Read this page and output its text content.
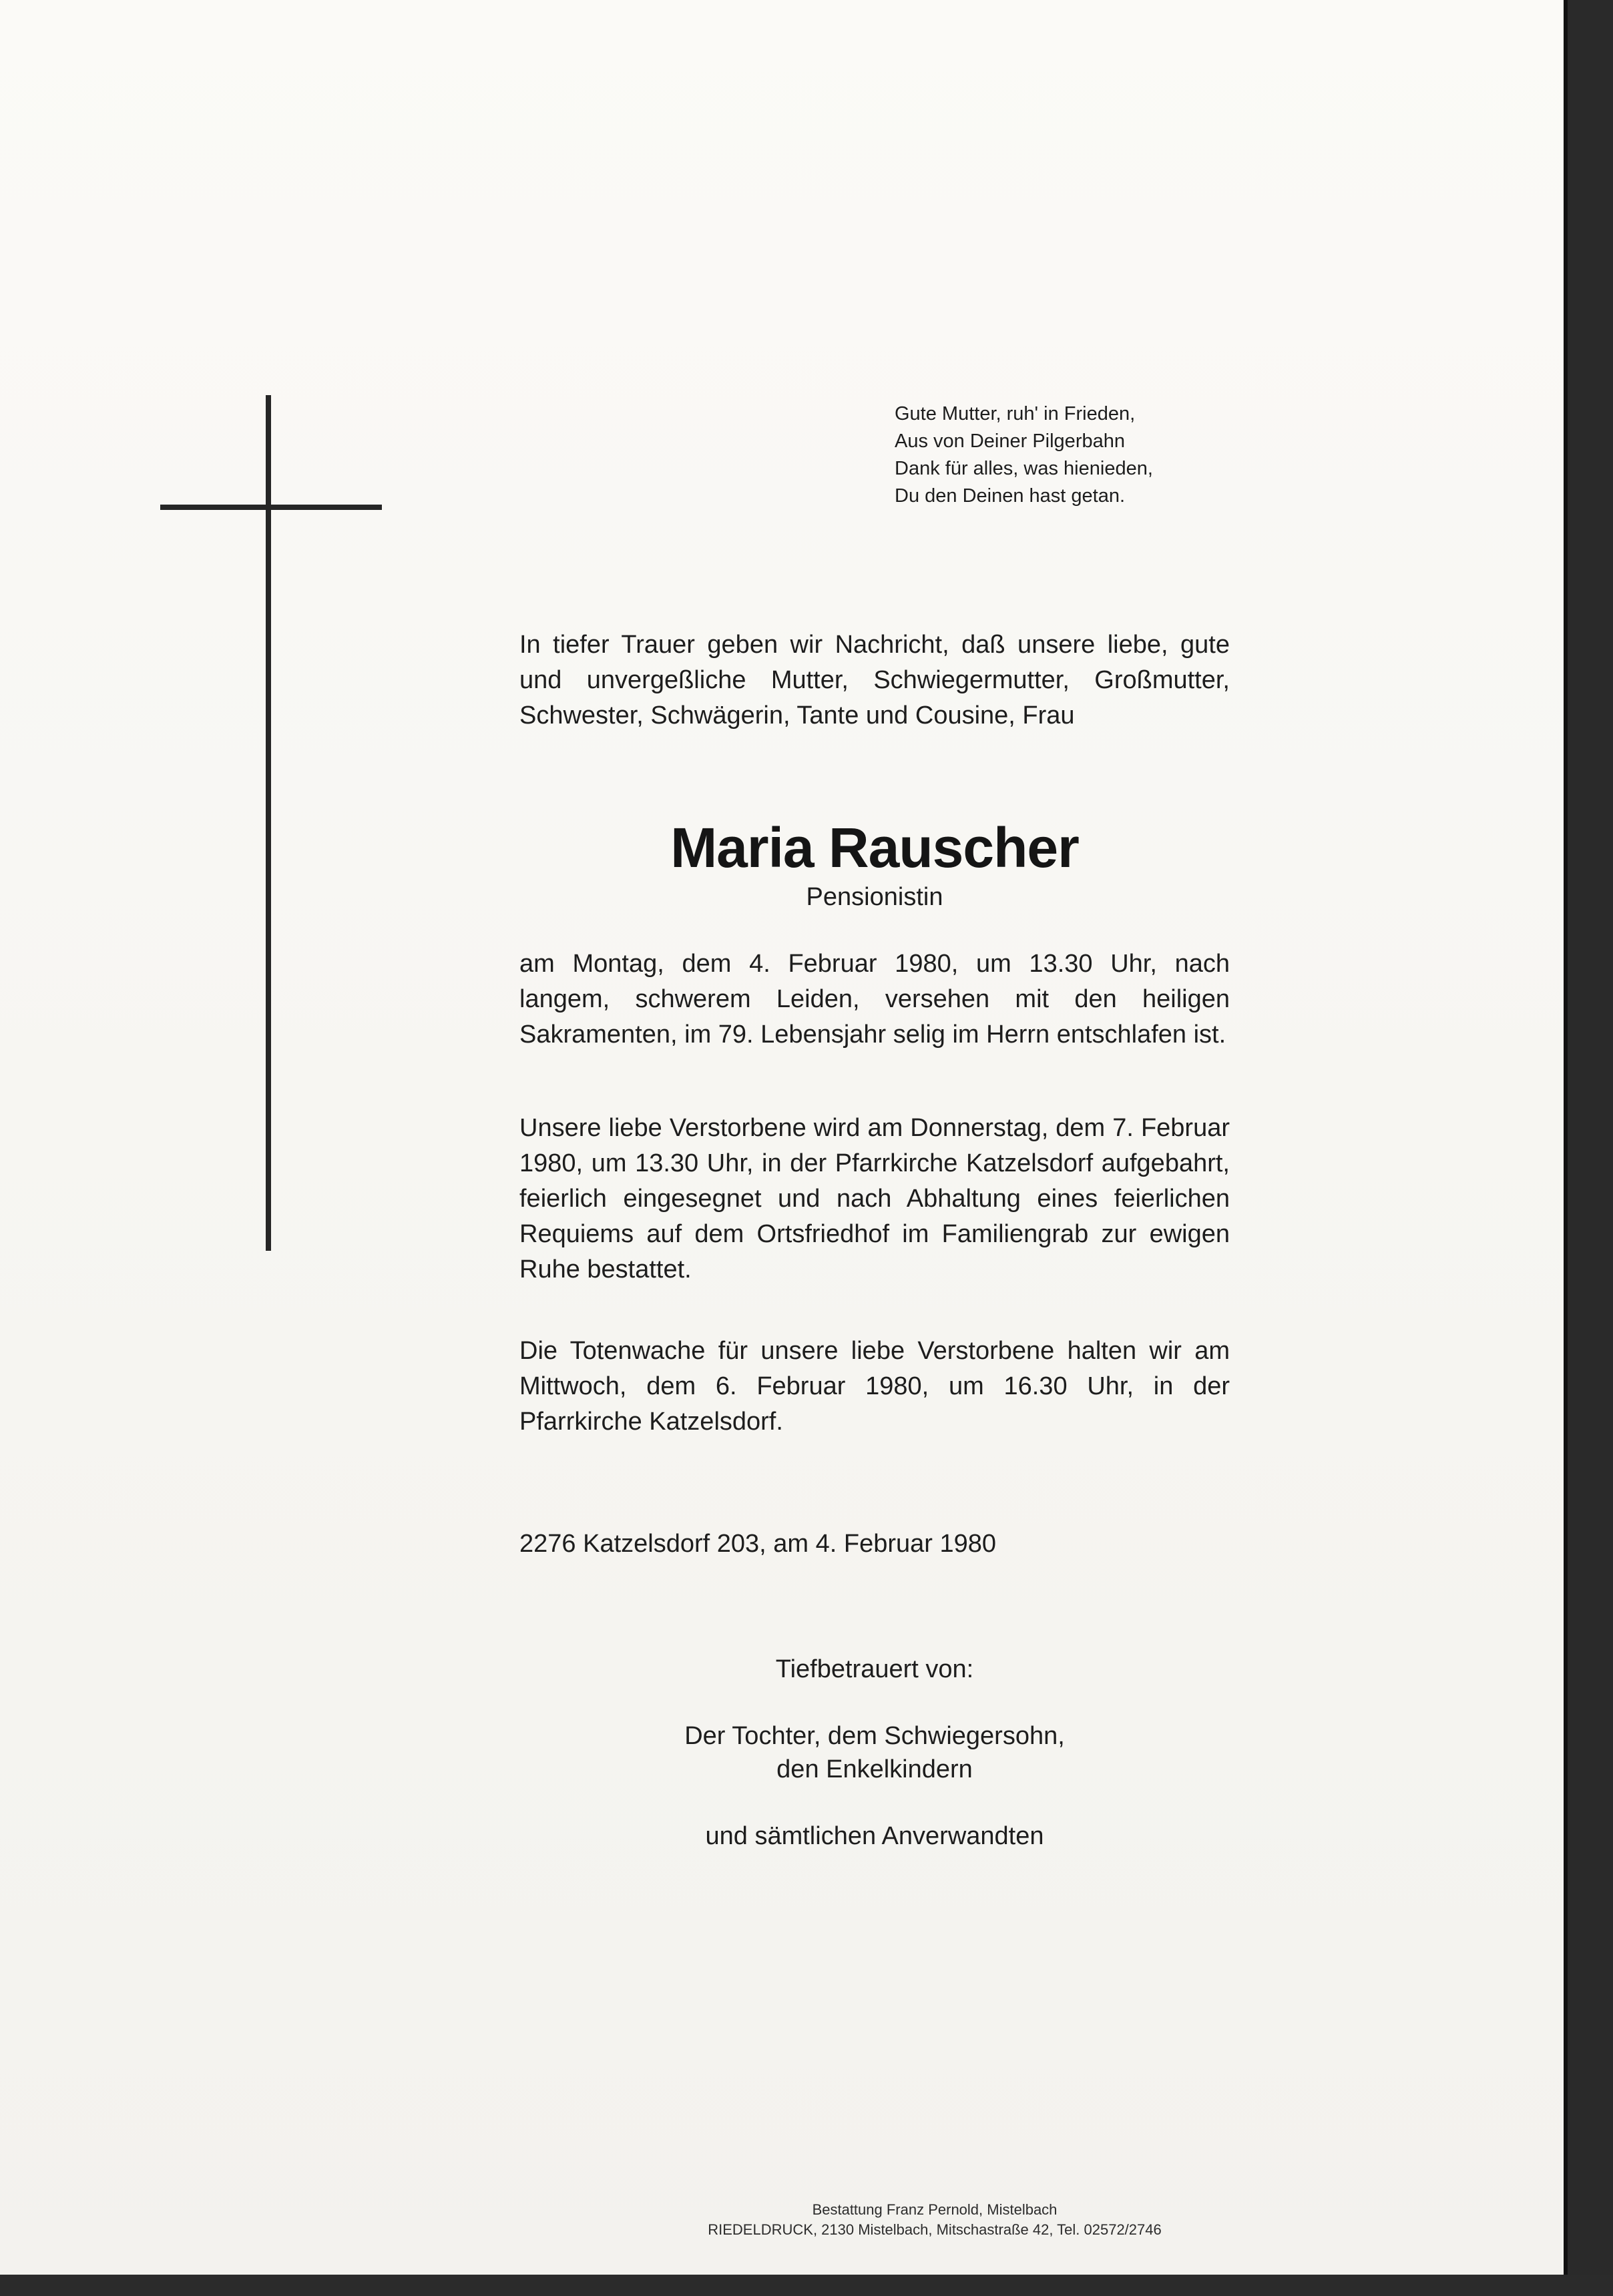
Gute Mutter, ruh' in Frieden,
Aus von Deiner Pilgerbahn
Dank für alles, was hienieden,
Du den Deinen hast getan.
In tiefer Trauer geben wir Nachricht, daß unsere liebe, gute und unvergeßliche Mutter, Schwiegermutter, Großmutter, Schwester, Schwägerin, Tante und Cousine, Frau
Maria Rauscher
Pensionistin
am Montag, dem 4. Februar 1980, um 13.30 Uhr, nach langem, schwerem Leiden, versehen mit den heiligen Sakramenten, im 79. Lebensjahr selig im Herrn entschlafen ist.
Unsere liebe Verstorbene wird am Donnerstag, dem 7. Februar 1980, um 13.30 Uhr, in der Pfarrkirche Katzelsdorf aufgebahrt, feierlich eingesegnet und nach Abhaltung eines feierlichen Requiems auf dem Ortsfriedhof im Familiengrab zur ewigen Ruhe bestattet.
Die Totenwache für unsere liebe Verstorbene halten wir am Mittwoch, dem 6. Februar 1980, um 16.30 Uhr, in der Pfarrkirche Katzelsdorf.
2276 Katzelsdorf 203, am 4. Februar 1980
Tiefbetrauert von:
Der Tochter, dem Schwiegersohn,
den Enkelkindern
und sämtlichen Anverwandten
Bestattung Franz Pernold, Mistelbach
RIEDELDRUCK, 2130 Mistelbach, Mitschastraße 42, Tel. 02572/2746
